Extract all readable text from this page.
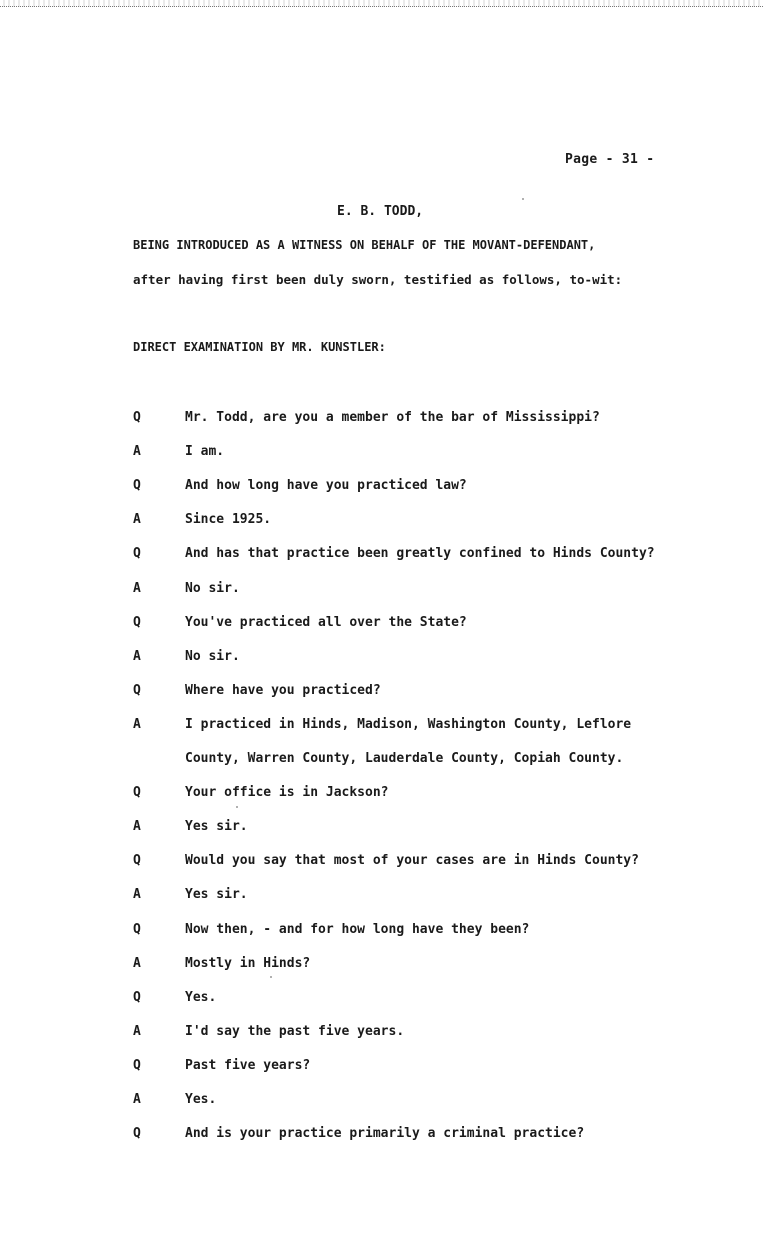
Page - 31 -
E. B. TODD,
BEING INTRODUCED AS A WITNESS ON BEHALF OF THE MOVANT-DEFENDANT,
after having first been duly sworn, testified as follows, to-wit:
DIRECT EXAMINATION BY MR. KUNSTLER:
Q	Mr. Todd, are you a member of the bar of Mississippi?
A	I am.
Q	And how long have you practiced law?
A	Since 1925.
Q	And has that practice been greatly confined to Hinds County?
A	No sir.
Q	You've practiced all over the State?
A	No sir.
Q	Where have you practiced?
A	I practiced in Hinds, Madison, Washington County, Leflore
County, Warren County, Lauderdale County, Copiah County.
Q	Your office is in Jackson?
A	Yes sir.
Q	Would you say that most of your cases are in Hinds County?
A	Yes sir.
Q	Now then, - and for how long have they been?
A	Mostly in Hinds?
Q	Yes.
A	I'd say the past five years.
Q	Past five years?
A	Yes.
Q	And is your practice primarily a criminal practice?
